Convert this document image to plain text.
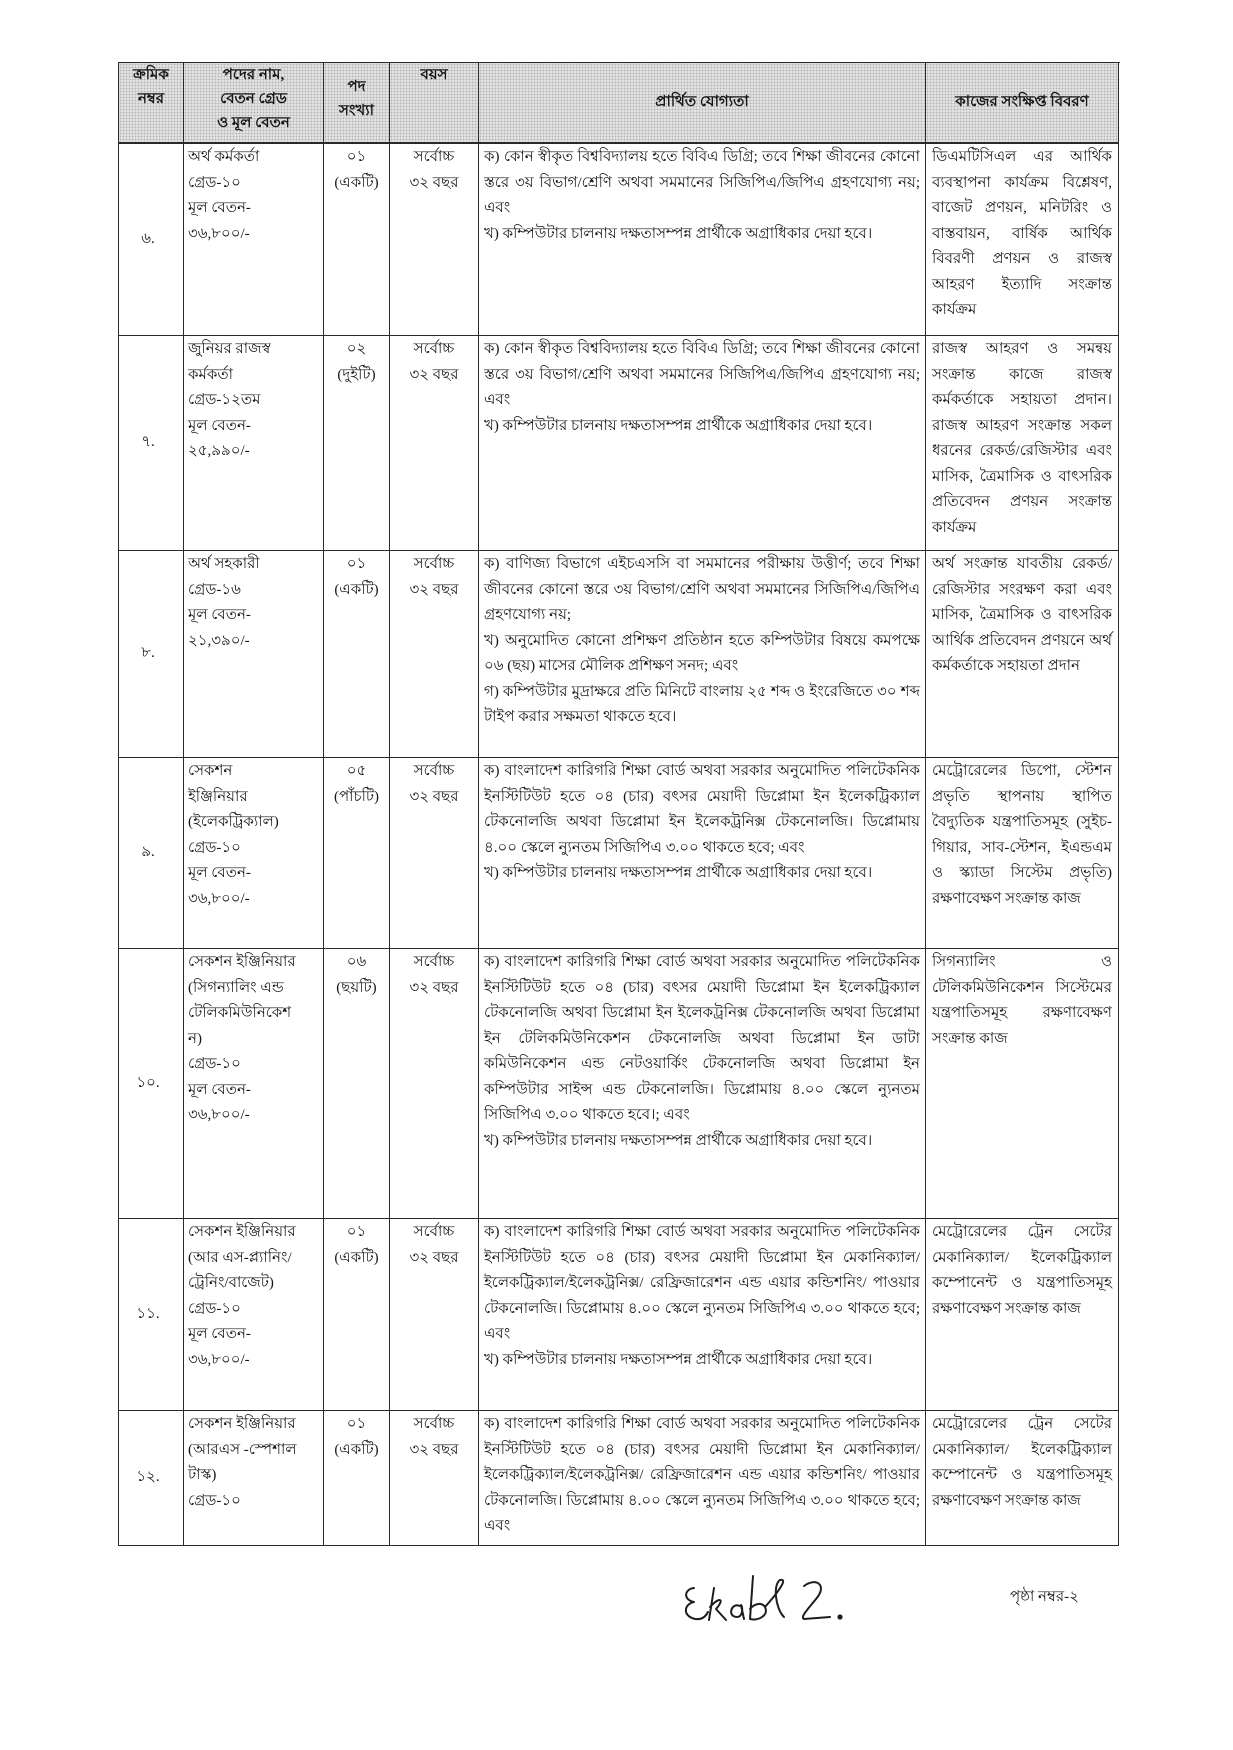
ক্রমিক
নম্বর
পদের নাম,
বেতন গ্রেড
ও মূল বেতন
পদ
সংখ্যা
বয়স
প্রার্থিত যোগ্যতা	কাজের সংক্ষিপ্ত বিবরণ
৬.
অর্থ কর্মকর্তা
গ্রেড-১০
মূল বেতন-
৩৬,৮০০/-
০১
(একটি)
সর্বোচ্চ
৩২ বছর

ক) কোন স্বীকৃত বিশ্ববিদ্যালয় হতে বিবিএ ডিগ্রি; তবে শিক্ষা জীবনের কোনো স্তরে ৩য় বিভাগ/শ্রেণি অথবা সমমানের সিজিপিএ/জিপিএ গ্রহণযোগ্য নয়; এবং

খ) কম্পিউটার চালনায় দক্ষতাসম্পন্ন প্রার্থীকে অগ্রাধিকার দেয়া হবে।

ডিএমটিসিএল এর আর্থিক ব্যবস্থাপনা কার্যক্রম বিশ্লেষণ, বাজেট প্রণয়ন, মনিটরিং ও বাস্তবায়ন, বার্ষিক আর্থিক বিবরণী প্রণয়ন ও রাজস্ব আহরণ ইত্যাদি সংক্রান্ত কার্যক্রম

৭.
জুনিয়র রাজস্ব
কর্মকর্তা
গ্রেড-১২তম
মূল বেতন-
২৫,৯৯০/-
০২
(দুইটি)
সর্বোচ্চ
৩২ বছর

ক) কোন স্বীকৃত বিশ্ববিদ্যালয় হতে বিবিএ ডিগ্রি; তবে শিক্ষা জীবনের কোনো স্তরে ৩য় বিভাগ/শ্রেণি অথবা সমমানের সিজিপিএ/জিপিএ গ্রহণযোগ্য নয়; এবং

খ) কম্পিউটার চালনায় দক্ষতাসম্পন্ন প্রার্থীকে অগ্রাধিকার দেয়া হবে।

রাজস্ব আহরণ ও সমন্বয় সংক্রান্ত কাজে রাজস্ব কর্মকর্তাকে সহায়তা প্রদান। রাজস্ব আহরণ সংক্রান্ত সকল ধরনের রেকর্ড/রেজিস্টার এবং মাসিক, ত্রৈমাসিক ও বাৎসরিক প্রতিবেদন প্রণয়ন সংক্রান্ত কার্যক্রম

৮.
অর্থ সহকারী
গ্রেড-১৬
মূল বেতন-
২১,৩৯০/-
০১
(একটি)
সর্বোচ্চ
৩২ বছর

ক) বাণিজ্য বিভাগে এইচএসসি বা সমমানের পরীক্ষায় উত্তীর্ণ; তবে শিক্ষা জীবনের কোনো স্তরে ৩য় বিভাগ/শ্রেণি অথবা সমমানের সিজিপিএ/জিপিএ গ্রহণযোগ্য নয়;

খ) অনুমোদিত কোনো প্রশিক্ষণ প্রতিষ্ঠান হতে কম্পিউটার বিষয়ে কমপক্ষে ০৬ (ছয়) মাসের মৌলিক প্রশিক্ষণ সনদ; এবং

গ) কম্পিউটার মুদ্রাক্ষরে প্রতি মিনিটে বাংলায় ২৫ শব্দ ও ইংরেজিতে ৩০ শব্দ টাইপ করার সক্ষমতা থাকতে হবে।

অর্থ সংক্রান্ত যাবতীয় রেকর্ড/রেজিস্টার সংরক্ষণ করা এবং মাসিক, ত্রৈমাসিক ও বাৎসরিক আর্থিক প্রতিবেদন প্রণয়নে অর্থ কর্মকর্তাকে সহায়তা প্রদান

৯.
সেকশন
ইঞ্জিনিয়ার
(ইলেকট্রিক্যাল)
গ্রেড-১০
মূল বেতন-
৩৬,৮০০/-
০৫
(পাঁচটি)
সর্বোচ্চ
৩২ বছর

ক) বাংলাদেশ কারিগরি শিক্ষা বোর্ড অথবা সরকার অনুমোদিত পলিটেকনিক ইনস্টিটিউট হতে ০৪ (চার) বৎসর মেয়াদী ডিপ্লোমা ইন ইলেকট্রিক্যাল টেকনোলজি অথবা ডিপ্লোমা ইন ইলেকট্রনিক্স টেকনোলজি। ডিপ্লোমায় ৪.০০ স্কেলে ন্যুনতম সিজিপিএ ৩.০০ থাকতে হবে; এবং

খ) কম্পিউটার চালনায় দক্ষতাসম্পন্ন প্রার্থীকে অগ্রাধিকার দেয়া হবে।

মেট্রোরেলের ডিপো, স্টেশন প্রভৃতি স্থাপনায় স্থাপিত বৈদ্যুতিক যন্ত্রপাতিসমূহ (সুইচ-গিয়ার, সাব-স্টেশন, ইএন্ডএম ও স্ক্যাডা সিস্টেম প্রভৃতি) রক্ষণাবেক্ষণ সংক্রান্ত কাজ

১০.
সেকশন ইঞ্জিনিয়ার
(সিগন্যালিং এন্ড
টেলিকমিউনিকেশ
ন)
গ্রেড-১০
মূল বেতন-
৩৬,৮০০/-
০৬
(ছয়টি)
সর্বোচ্চ
৩২ বছর

ক) বাংলাদেশ কারিগরি শিক্ষা বোর্ড অথবা সরকার অনুমোদিত পলিটেকনিক ইনস্টিটিউট হতে ০৪ (চার) বৎসর মেয়াদী ডিপ্লোমা ইন ইলেকট্রিক্যাল টেকনোলজি অথবা ডিপ্লোমা ইন ইলেকট্রনিক্স টেকনোলজি অথবা ডিপ্লোমা ইন টেলিকমিউনিকেশন টেকনোলজি অথবা ডিপ্লোমা ইন ডাটা কমিউনিকেশন এন্ড নেটওয়ার্কিং টেকনোলজি অথবা ডিপ্লোমা ইন কম্পিউটার সাইন্স এন্ড টেকনোলজি। ডিপ্লোমায় ৪.০০ স্কেলে ন্যুনতম সিজিপিএ ৩.০০ থাকতে হবে।; এবং

খ) কম্পিউটার চালনায় দক্ষতাসম্পন্ন প্রার্থীকে অগ্রাধিকার দেয়া হবে।

সিগন্যালিং ও টেলিকমিউনিকেশন সিস্টেমের যন্ত্রপাতিসমূহ রক্ষণাবেক্ষণ সংক্রান্ত কাজ

১১.
সেকশন ইঞ্জিনিয়ার
(আর এস-প্ল্যানিং/
ট্রেনিং/বাজেট)
গ্রেড-১০
মূল বেতন-
৩৬,৮০০/-
০১
(একটি)
সর্বোচ্চ
৩২ বছর

ক) বাংলাদেশ কারিগরি শিক্ষা বোর্ড অথবা সরকার অনুমোদিত পলিটেকনিক ইনস্টিটিউট হতে ০৪ (চার) বৎসর মেয়াদী ডিপ্লোমা ইন মেকানিক্যাল/ ইলেকট্রিক্যাল/ইলেকট্রনিক্স/ রেফ্রিজারেশন এন্ড এয়ার কন্ডিশনিং/ পাওয়ার টেকনোলজি। ডিপ্লোমায় ৪.০০ স্কেলে ন্যুনতম সিজিপিএ ৩.০০ থাকতে হবে; এবং

খ) কম্পিউটার চালনায় দক্ষতাসম্পন্ন প্রার্থীকে অগ্রাধিকার দেয়া হবে।

মেট্রোরেলের ট্রেন সেটের মেকানিক্যাল/ ইলেকট্রিক্যাল কম্পোনেন্ট ও যন্ত্রপাতিসমূহ রক্ষণাবেক্ষণ সংক্রান্ত কাজ

১২.
সেকশন ইঞ্জিনিয়ার
(আরএস -স্পেশাল
টাস্ক)
গ্রেড-১০
০১
(একটি)
সর্বোচ্চ
৩২ বছর

ক) বাংলাদেশ কারিগরি শিক্ষা বোর্ড অথবা সরকার অনুমোদিত পলিটেকনিক ইনস্টিটিউট হতে ০৪ (চার) বৎসর মেয়াদী ডিপ্লোমা ইন মেকানিক্যাল/ ইলেকট্রিক্যাল/ইলেকট্রনিক্স/ রেফ্রিজারেশন এন্ড এয়ার কন্ডিশনিং/ পাওয়ার টেকনোলজি। ডিপ্লোমায় ৪.০০ স্কেলে ন্যুনতম সিজিপিএ ৩.০০ থাকতে হবে; এবং

মেট্রোরেলের ট্রেন সেটের মেকানিক্যাল/ ইলেকট্রিক্যাল কম্পোনেন্ট ও যন্ত্রপাতিসমূহ রক্ষণাবেক্ষণ সংক্রান্ত কাজ

পৃষ্ঠা নম্বর-২
